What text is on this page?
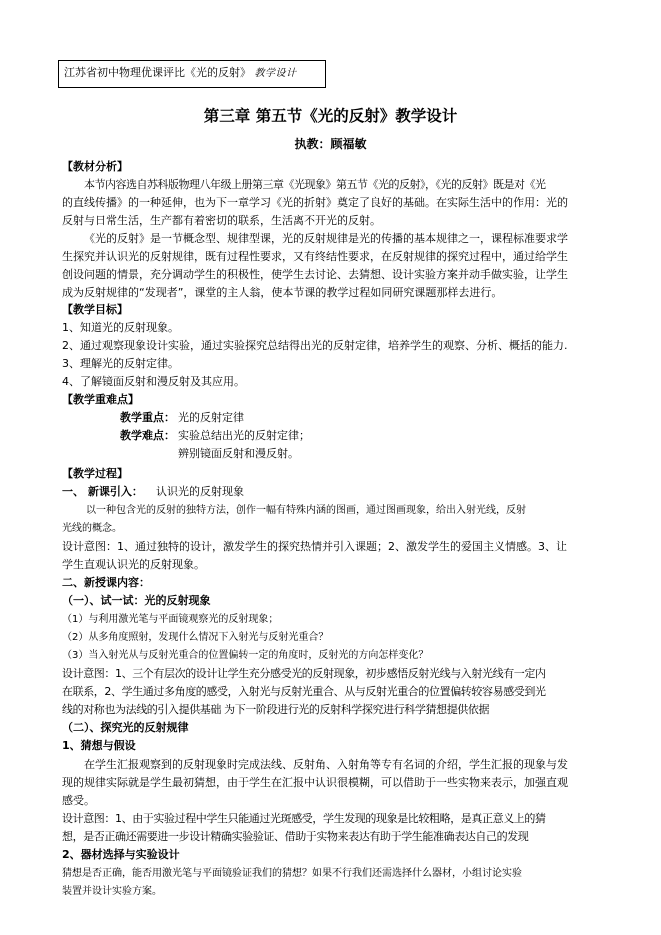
江苏省初中物理优课评比《光的反射》 教学设计
第三章 第五节《光的反射》教学设计
执教：顾福敏
【教材分析】
本节内容选自苏科版物理八年级上册第三章《光现象》第五节《光的反射》，《光的反射》既是对《光
的直线传播》的一种延伸，也为下一章学习《光的折射》奠定了良好的基础。在实际生活中的作用：光的
反射与日常生活，生产都有着密切的联系，生活离不开光的反射。
《光的反射》是一节概念型、规律型课，光的反射规律是光的传播的基本规律之一，课程标准要求学
生探究并认识光的反射规律，既有过程性要求，又有终结性要求，在反射规律的探究过程中，通过给学生
创设问题的情景，充分调动学生的积极性，使学生去讨论、去猜想、设计实验方案并动手做实验，让学生
成为反射规律的“发现者”，课堂的主人翁，使本节课的教学过程如同研究课题那样去进行。
【教学目标】
1、知道光的反射现象。
2、通过观察现象设计实验，通过实验探究总结得出光的反射定律，培养学生的观察、分析、概括的能力.
3、理解光的反射定律。
4、了解镜面反射和漫反射及其应用。
【教学重难点】
教学重点： 光的反射定律
教学难点： 实验总结出光的反射定律；
辨别镜面反射和漫反射。
【教学过程】
一、 新课引入： 认识光的反射现象
以一种包含光的反射的独特方法，创作一幅有特殊内涵的图画，通过图画现象，给出入射光线，反射
光线的概念。
设计意图：1、通过独特的设计，激发学生的探究热情并引入课题；2、激发学生的爱国主义情感。3、让
学生直观认识光的反射现象。
二、新授课内容：
（一）、试一试：光的反射现象
（1）与利用激光笔与平面镜观察光的反射现象；
（2）从多角度照射，发现什么情况下入射光与反射光重合？
（3）当入射光从与反射光重合的位置偏转一定的角度时，反射光的方向怎样变化？
设计意图：1、三个有层次的设计让学生充分感受光的反射现象，初步感悟反射光线与入射光线有一定内
在联系，2、学生通过多角度的感受，入射光与反射光重合、从与反射光重合的位置偏转较容易感受到光
线的对称也为法线的引入提供基础 为下一阶段进行光的反射科学探究进行科学猜想提供依据
（二）、探究光的反射规律
1、猜想与假设
在学生汇报观察到的反射现象时完成法线、反射角、入射角等专有名词的介绍，学生汇报的现象与发
现的规律实际就是学生最初猜想，由于学生在汇报中认识很模糊，可以借助于一些实物来表示，加强直观
感受。
设计意图：1、由于实验过程中学生只能通过光斑感受，学生发现的现象是比较粗略，是真正意义上的猜
想，是否正确还需要进一步设计精确实验验证、借助于实物来表达有助于学生能准确表达自己的发现
2、器材选择与实验设计
猜想是否正确，能否用激光笔与平面镜验证我们的猜想？如果不行我们还需选择什么器材，小组讨论实验
装置并设计实验方案。
